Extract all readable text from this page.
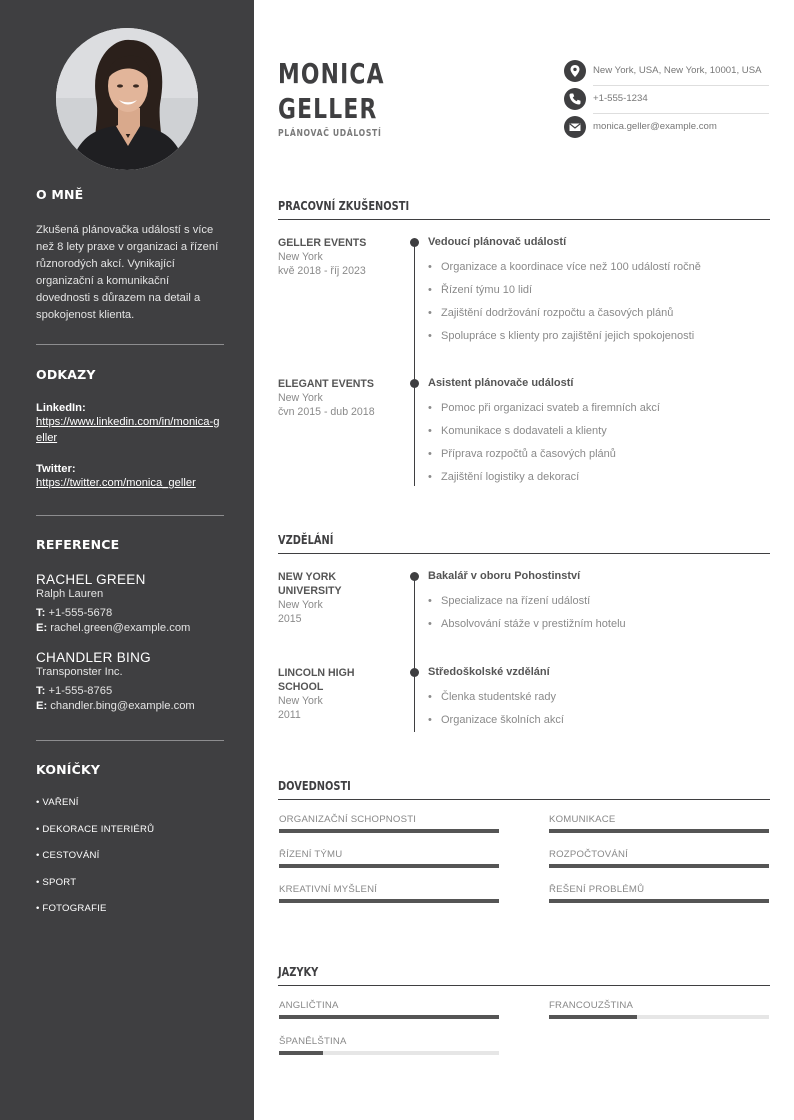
O MNĚ
Zkušená plánovačka událostí s více než 8 lety praxe v organizaci a řízení různorodých akcí. Vynikající organizační a komunikační dovednosti s důrazem na detail a spokojenost klienta.
ODKAZY
LinkedIn:
https://www.linkedin.com/in/monica-geller
Twitter:
https://twitter.com/monica_geller
REFERENCE
RACHEL GREEN
Ralph Lauren
T: +1-555-5678
E: rachel.green@example.com
CHANDLER BING
Transponster Inc.
T: +1-555-8765
E: chandler.bing@example.com
KONÍČKY
• VAŘENÍ
• DEKORACE INTERIÉRŮ
• CESTOVÁNÍ
• SPORT
• FOTOGRAFIE
MONICA
GELLER
PLÁNOVAČ UDÁLOSTÍ
New York, USA, New York, 10001, USA
+1-555-1234
monica.geller@example.com
PRACOVNÍ ZKUŠENOSTI
GELLER EVENTS
New York
kvě 2018 - říj 2023
Vedoucí plánovač událostí
• Organizace a koordinace více než 100 událostí ročně
• Řízení týmu 10 lidí
• Zajištění dodržování rozpočtu a časových plánů
• Spolupráce s klienty pro zajištění jejich spokojenosti
ELEGANT EVENTS
New York
čvn 2015 - dub 2018
Asistent plánovače událostí
• Pomoc při organizaci svateb a firemních akcí
• Komunikace s dodavateli a klienty
• Příprava rozpočtů a časových plánů
• Zajištění logistiky a dekorací
VZDĚLÁNÍ
NEW YORK
UNIVERSITY
New York
2015
Bakalář v oboru Pohostinství
• Specializace na řízení událostí
• Absolvování stáže v prestižním hotelu
LINCOLN HIGH
SCHOOL
New York
2011
Středoškolské vzdělání
• Členka studentské rady
• Organizace školních akcí
DOVEDNOSTI
ORGANIZAČNÍ SCHOPNOSTI	KOMUNIKACE
ŘÍZENÍ TÝMU	ROZPOČTOVÁNÍ
KREATIVNÍ MYŠLENÍ	ŘEŠENÍ PROBLÉMŮ
JAZYKY
ANGLIČTINA	FRANCOUZŠTINA
ŠPANĚLŠTINA
